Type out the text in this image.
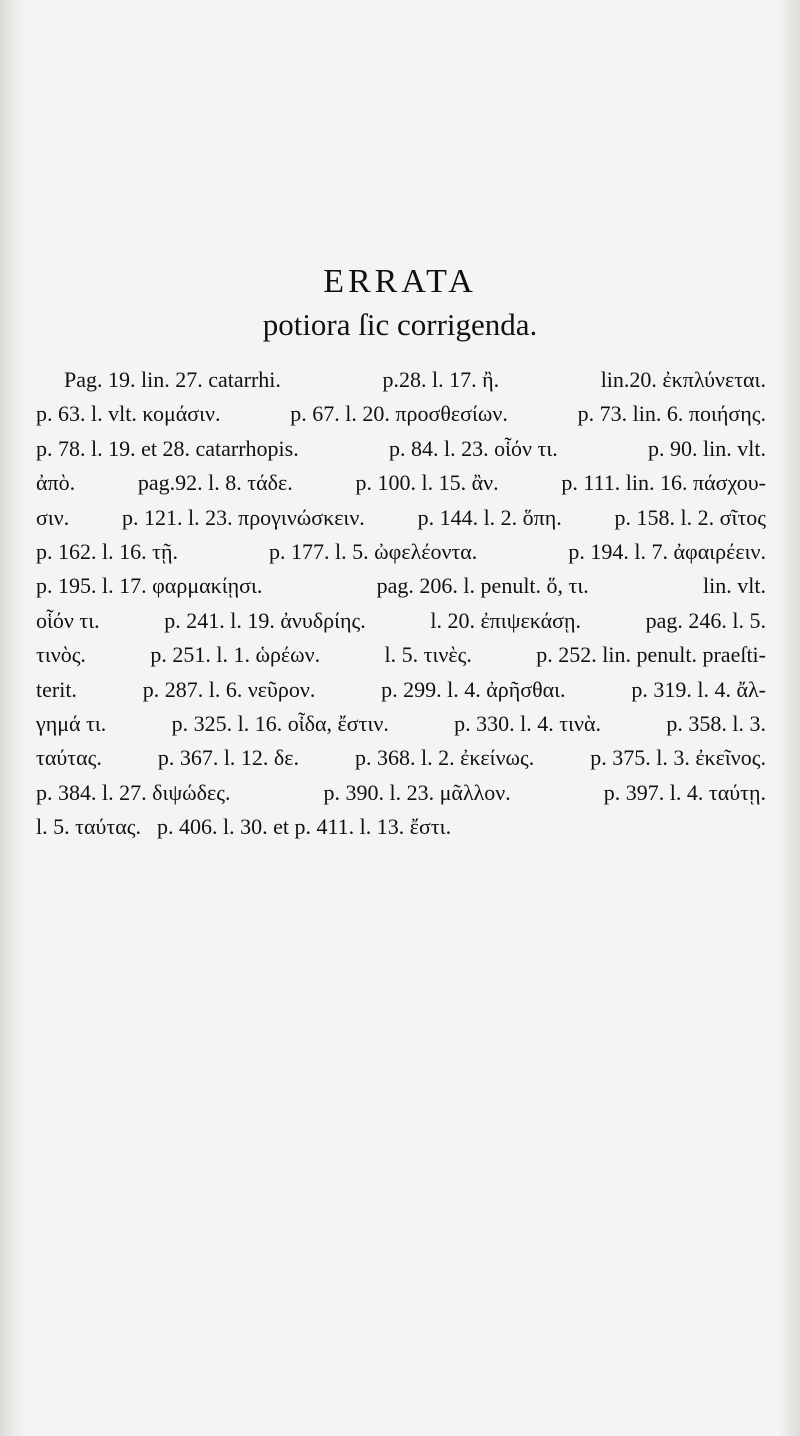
ERRATA
potiora ſic corrigenda.
Pag. 19. lin. 27. catarrhi.	p.28. l. 17. ἢ.	lin.20. ἐκπλύνεται.
p. 63. l. vlt. κομάσιν.	p. 67. l. 20. προσθεσίων.	p. 73. lin. 6. ποιήσης.
p. 78. l. 19. et 28. catarrhopis.	p. 84. l. 23. οἷόν τι.	p. 90. lin. vlt.
ἀπὸ.	pag.92. l. 8. τάδε.	p. 100. l. 15. ἂν.	p. 111. lin. 16. πάσχου-
σιν. p. 121. l. 23. προγινώσκειν. p. 144. l. 2. ὅπη. p. 158. l. 2. σῖτος
p. 162. l. 16. τῇ.	p. 177. l. 5. ὠφελέοντα.	p. 194. l. 7. ἀφαιρέειν.
p. 195. l. 17. φαρμακίῃσι.	pag. 206. l. penult. ὅ, τι.	lin. vlt.
οἷόν τι.	p. 241. l. 19. ἀνυδρίης.	l. 20. ἐπιψεκάσῃ.	pag. 246. l. 5.
τινὸς.	p. 251. l. 1. ὡρέων.	l. 5. τινὲς.	p. 252. lin. penult. praeſti-
terit.	p. 287. l. 6. νεῦρον.	p. 299. l. 4. ἀρῆσθαι.	p. 319. l. 4. ἄλ-
γημά τι.	p. 325. l. 16. οἶδα, ἔστιν.	p. 330. l. 4. τινὰ.	p. 358. l. 3.
ταύτας.	p. 367. l. 12. δε.	p. 368. l. 2. ἐκείνως.	p. 375. l. 3. ἐκεῖνος.
p. 384. l. 27. διψώδες.	p. 390. l. 23. μᾶλλον.	p. 397. l. 4. ταύτῃ.
l. 5. ταύτας. p. 406. l. 30. et p. 411. l. 13. ἔστι.
